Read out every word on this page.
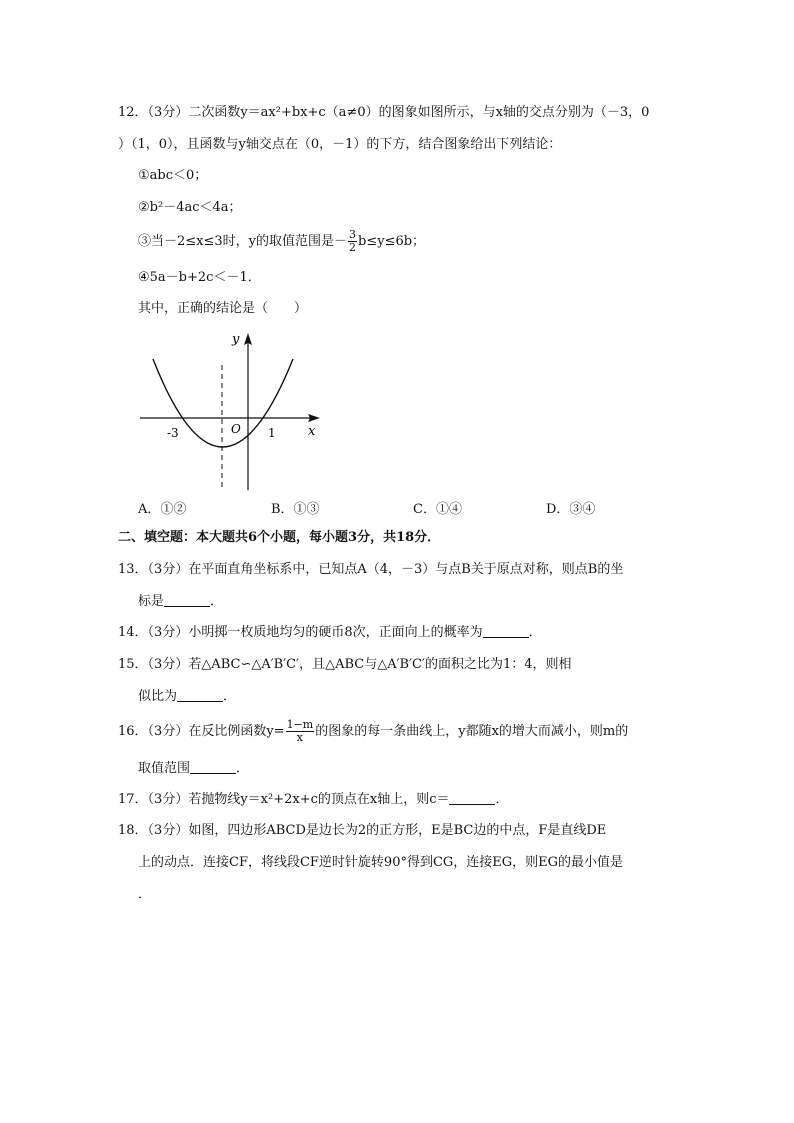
12．（3分）二次函数y＝ax²+bx+c（a≠0）的图象如图所示，与x轴的交点分别为（－3，0
）（1，0），且函数与y轴交点在（0，－1）的下方，结合图象给出下列结论：
①abc＜0；
②b²－4ac＜4a；
③当－2≤x≤3时，y的取值范围是－ $\frac{3}{2} b\le y\le 6b$；
④5a－b+2c＜－1．
其中，正确的结论是（　　）
y
x
O
-3	1
A．①②	B．①③	C．①④	D．③④
二、填空题：本大题共6个小题，每小题3分，共18分．
13．（3分）在平面直角坐标系中，已知点A（4，－3）与点B关于原点对称，则点B的坐
标是	．
14．（3分）小明掷一枚质地均匀的硬币8次，正面向上的概率为	．
15．（3分）若△ABC∽△A′B′C′，且△ABC与△A′B′C′的面积之比为1：4，则相
似比为	．
16．（3分）在反比例函数$y= \frac{1-m}{x}$ 的图象的每一条曲线上，y都随x的增大而减小，则m的
取值范围	．
17．（3分）若抛物线y＝x²+2x+c的顶点在x轴上，则c＝	．
18．（3分）如图，四边形ABCD是边长为2的正方形，E是BC边的中点，F是直线DE
上的动点．连接CF，将线段CF逆时针旋转90°得到CG，连接EG，则EG的最小值是
．
